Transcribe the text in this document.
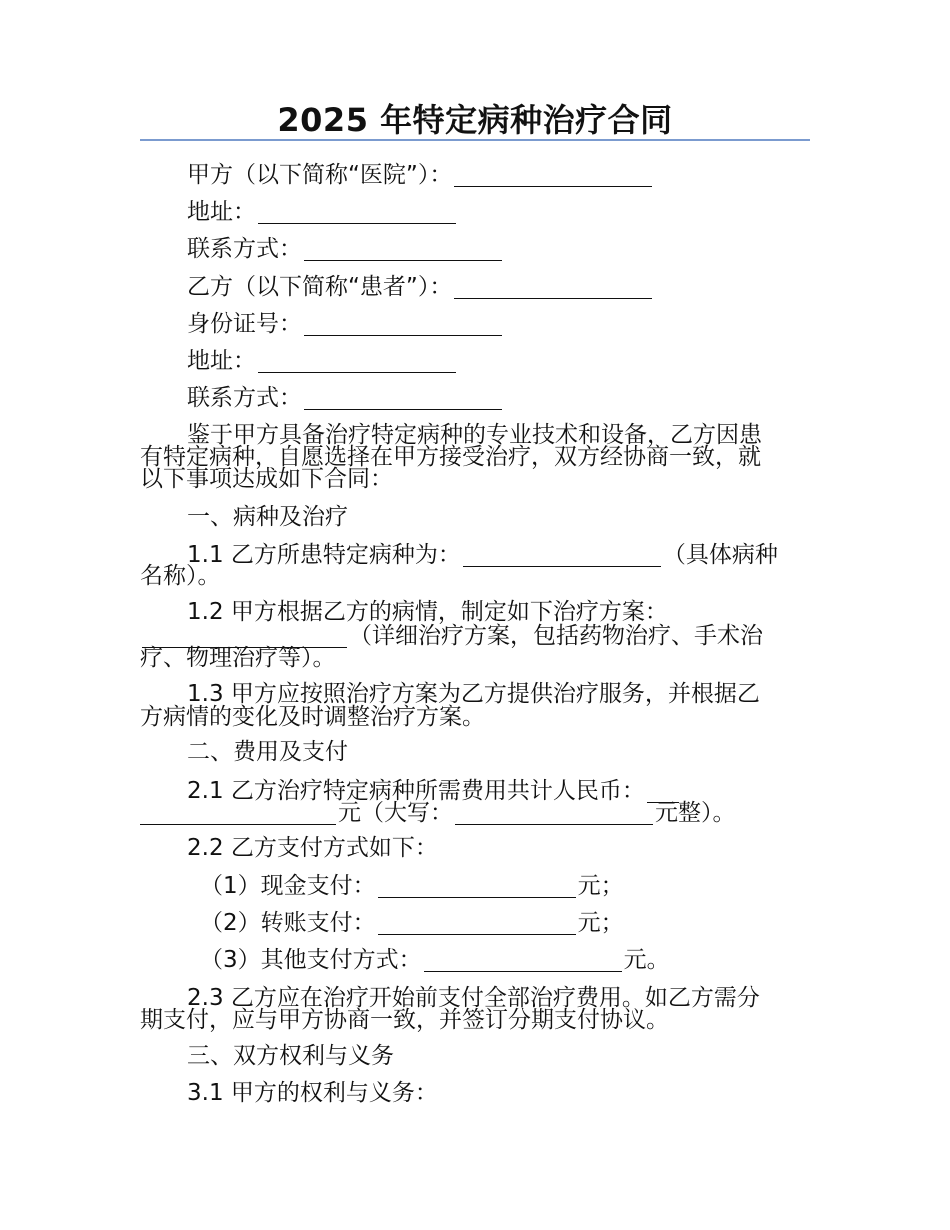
2025 年特定病种治疗合同
甲方（以下简称“医院”）：
地址：
联系方式：
乙方（以下简称“患者”）：
身份证号：
地址：
联系方式：
鉴于甲方具备治疗特定病种的专业技术和设备，乙方因患
有特定病种，自愿选择在甲方接受治疗，双方经协商一致，就
以下事项达成如下合同：
一、病种及治疗
1.1 乙方所患特定病种为：	（具体病种
名称）。
1.2 甲方根据乙方的病情，制定如下治疗方案：
（详细治疗方案，包括药物治疗、手术治
疗、物理治疗等）。
1.3 甲方应按照治疗方案为乙方提供治疗服务，并根据乙
方病情的变化及时调整治疗方案。
二、费用及支付
2.1 乙方治疗特定病种所需费用共计人民币：
元（大写：	元整）。
2.2 乙方支付方式如下：
（1）现金支付：	元；
（2）转账支付：	元；
（3）其他支付方式：	元。
2.3 乙方应在治疗开始前支付全部治疗费用。如乙方需分
期支付，应与甲方协商一致，并签订分期支付协议。
三、双方权利与义务
3.1 甲方的权利与义务：
